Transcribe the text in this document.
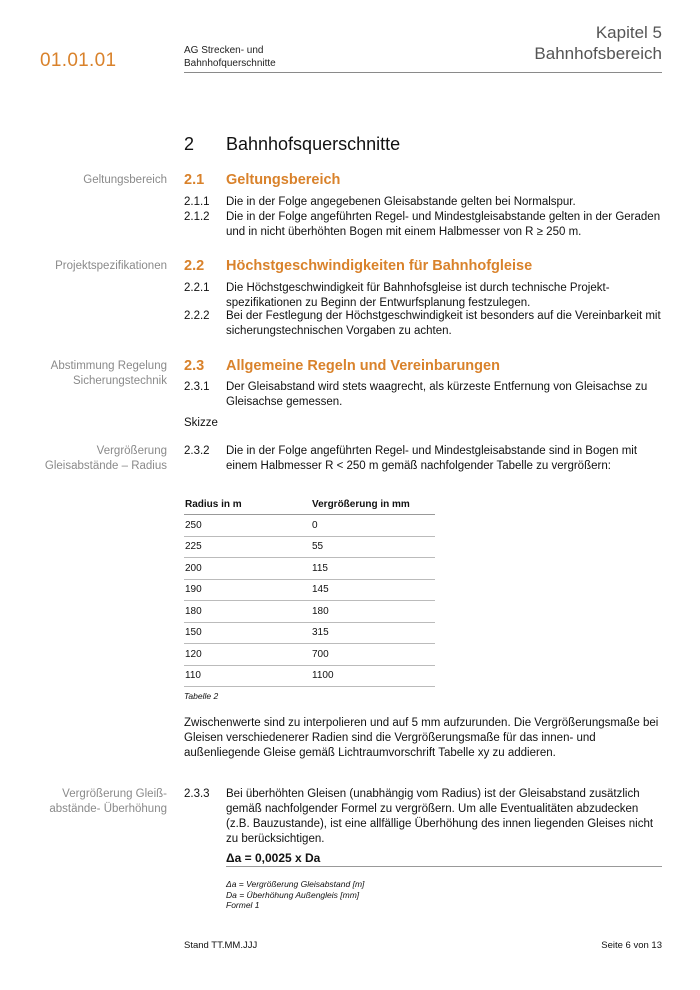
01.01.01	AG Strecken- und
Bahnhofquerschnitte
Kapitel 5
Bahnhofsbereich
2 Bahnhofsquerschnitte
Geltungsbereich 2.1 Geltungsbereich
2.1.1 Die in der Folge angegebenen Gleisabstande gelten bei Normalspur.
2.1.2 Die in der Folge angeführten Regel- und Mindestgleisabstande gelten in der Geraden und in nicht überhöhten Bogen mit einem Halbmesser von R ≥ 250 m.
Projektspezifikationen 2.2 Höchstgeschwindigkeiten für Bahnhofgleise
2.2.1 Die Höchstgeschwindigkeit für Bahnhofsgleise ist durch technische Projekt-spezifikationen zu Beginn der Entwurfsplanung festzulegen.
2.2.2 Bei der Festlegung der Höchstgeschwindigkeit ist besonders auf die Vereinbarkeit mit sicherungstechnischen Vorgaben zu achten.
Abstimmung Regelung
Sicherungstechnik
2.3 Allgemeine Regeln und Vereinbarungen
2.3.1 Der Gleisabstand wird stets waagrecht, als kürzeste Entfernung von Gleisachse zu Gleisachse gemessen.
Skizze
Vergrößerung
Gleisabstände – Radius
2.3.2 Die in der Folge angeführten Regel- und Mindestgleisabstande sind in Bogen mit einem Halbmesser R < 250 m gemäß nachfolgender Tabelle zu vergrößern:
Radius in m	Vergrößerung in mm
250	0
225	55
200	115
190	145
180	180
150	315
120	700
110	1100
Tabelle 2
Zwischenwerte sind zu interpolieren und auf 5 mm aufzurunden. Die Vergrößerungsmaße bei Gleisen verschiedenerer Radien sind die Vergrößerungsmaße für das innen- und außenliegende Gleise gemäß Lichtraumvorschrift Tabelle xy zu addieren.
Vergrößerung Gleiß-
abstände- Überhöhung
2.3.3 Bei überhöhten Gleisen (unabhängig vom Radius) ist der Gleisabstand zusätzlich gemäß nachfolgender Formel zu vergrößern. Um alle Eventualitäten abzudecken (z.B. Bauzustande), ist eine allfällige Überhöhung des innen liegenden Gleises nicht zu berücksichtigen.
Δa = 0,0025 x Da
Δa = Vergrößerung Gleisabstand [m]
Da = Überhöhung Außengleis [mm]
Formel 1
Stand TT.MM.JJJ	Seite 6 von 13
